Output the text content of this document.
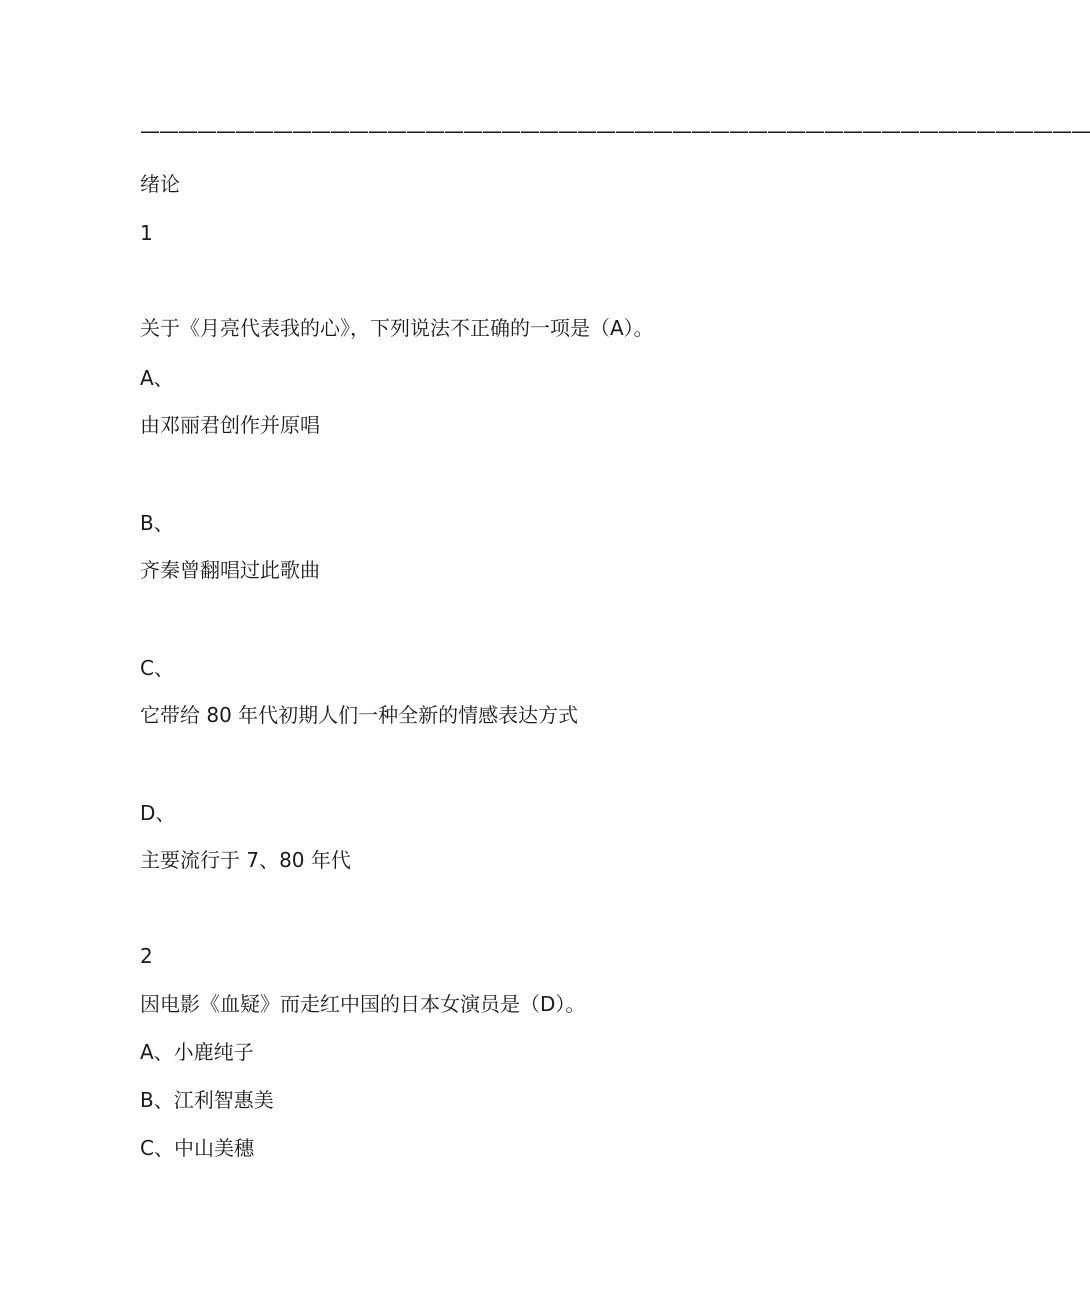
——————————————————————————————————————————————————
绪论
1
关于《月亮代表我的心》，下列说法不正确的一项是（A）。
A、
由邓丽君创作并原唱
B、
齐秦曾翻唱过此歌曲
C、
它带给 80 年代初期人们一种全新的情感表达方式
D、
主要流行于 7、80 年代
2
因电影《血疑》而走红中国的日本女演员是（D）。
A、小鹿纯子
B、江利智惠美
C、中山美穗
